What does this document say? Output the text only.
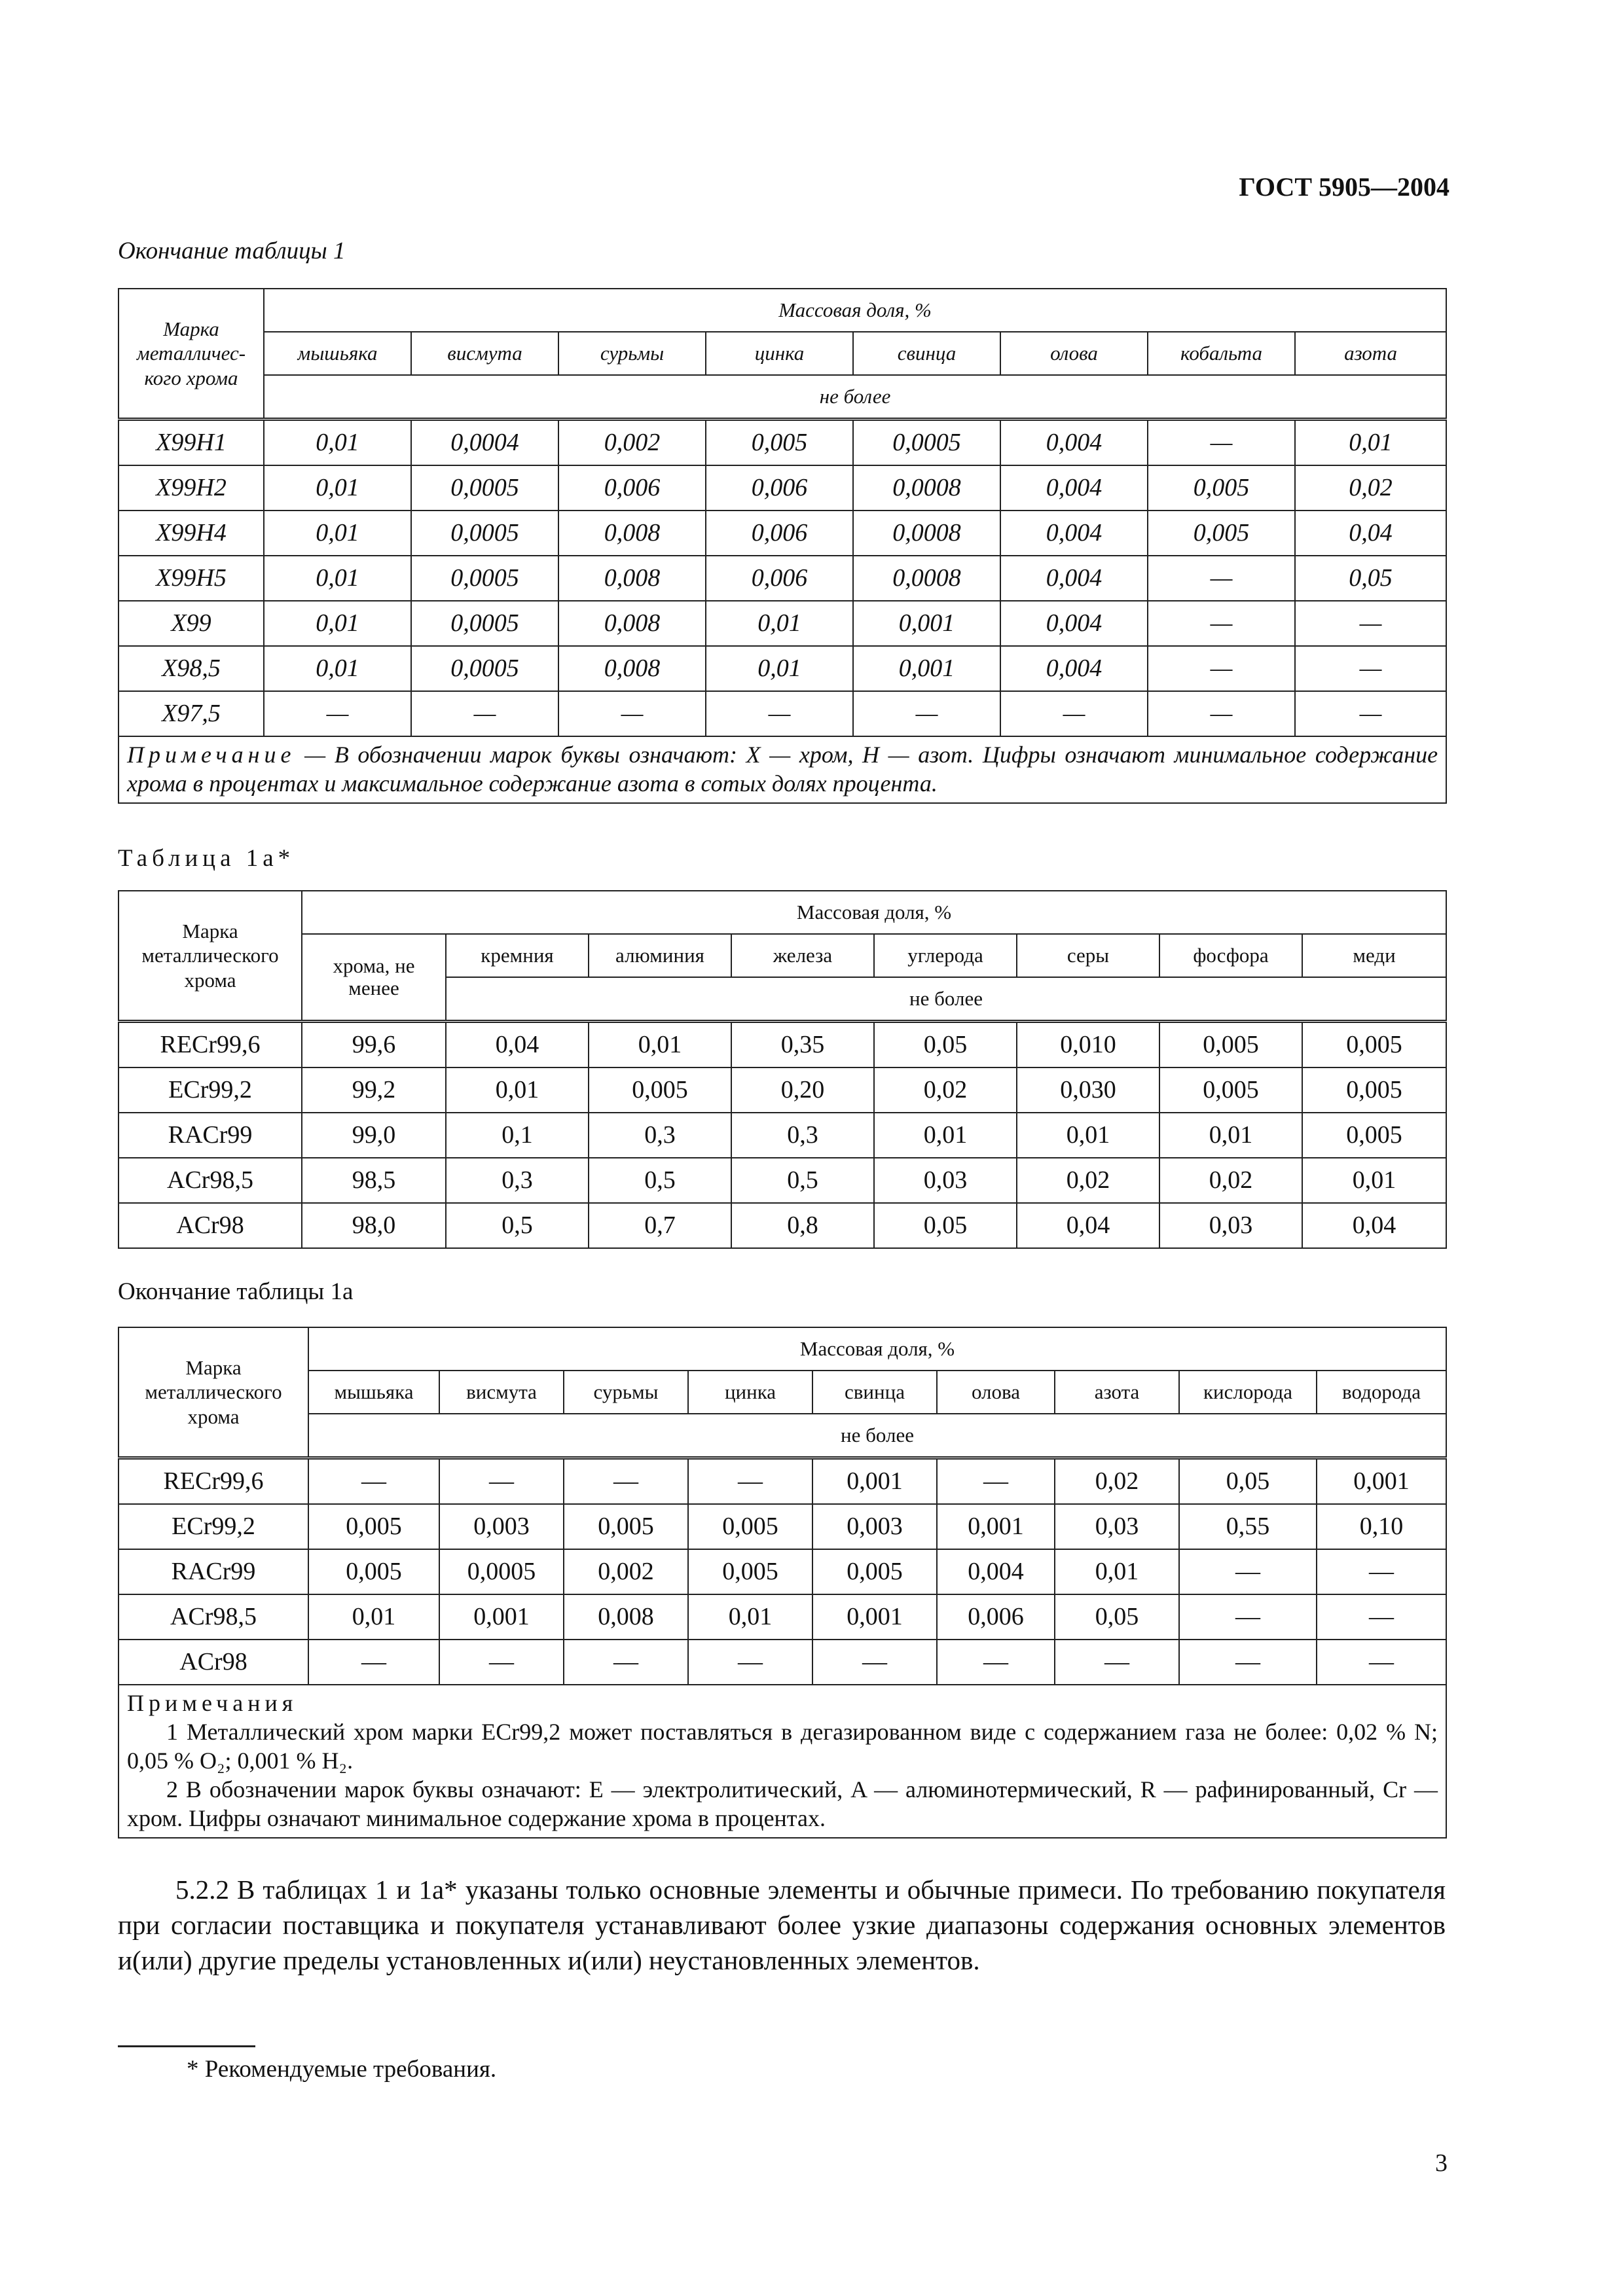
ГОСТ 5905—2004
Окончание таблицы 1
Марка металличес-кого хрома	Массовая доля, %							
	мышьяка	висмута	сурьмы	цинка	свинца	олова	кобальта	азота
	не более							
X99H1	0,01	0,0004	0,002	0,005	0,0005	0,004	—	0,01
X99H2	0,01	0,0005	0,006	0,006	0,0008	0,004	0,005	0,02
X99H4	0,01	0,0005	0,008	0,006	0,0008	0,004	0,005	0,04
X99H5	0,01	0,0005	0,008	0,006	0,0008	0,004	—	0,05
X99	0,01	0,0005	0,008	0,01	0,001	0,004	—	—
X98,5	0,01	0,0005	0,008	0,01	0,001	0,004	—	—
X97,5	—	—	—	—	—	—	—	—
Примечание — В обозначении марок буквы означают: X — хром, H — азот. Цифры означают минимальное содержание хрома в процентах и максимальное содержание азота в сотых долях процента.								
Таблица 1а*
Марка металлического хрома	Массовая доля, %							
	хрома, не менее	кремния	алюминия	железа	углерода	серы	фосфора	меди
		не более						
RECr99,6	99,6	0,04	0,01	0,35	0,05	0,010	0,005	0,005
ECr99,2	99,2	0,01	0,005	0,20	0,02	0,030	0,005	0,005
RACr99	99,0	0,1	0,3	0,3	0,01	0,01	0,01	0,005
ACr98,5	98,5	0,3	0,5	0,5	0,03	0,02	0,02	0,01
ACr98	98,0	0,5	0,7	0,8	0,05	0,04	0,03	0,04
Окончание таблицы 1а
Марка металлического хрома	Массовая доля, %								
	мышьяка	висмута	сурьмы	цинка	свинца	олова	азота	кислорода	водорода
	не более								
RECr99,6	—	—	—	—	0,001	—	0,02	0,05	0,001
ECr99,2	0,005	0,003	0,005	0,005	0,003	0,001	0,03	0,55	0,10
RACr99	0,005	0,0005	0,002	0,005	0,005	0,004	0,01	—	—
ACr98,5	0,01	0,001	0,008	0,01	0,001	0,006	0,05	—	—
ACr98	—	—	—	—	—	—	—	—	—
Примечания
1 Металлический хром марки ECr99,2 может поставляться в дегазированном виде с содержанием газа не более: 0,02 % N; 0,05 % O₂; 0,001 % H₂.
2 В обозначении марок буквы означают: E — электролитический, A — алюминотермический, R — рафинированный, Cr — хром. Цифры означают минимальное содержание хрома в процентах.									
5.2.2 В таблицах 1 и 1а* указаны только основные элементы и обычные примеси. По требованию покупателя при согласии поставщика и покупателя устанавливают более узкие диапазоны содержания основных элементов и(или) другие пределы установленных и(или) неустановленных элементов.
* Рекомендуемые требования.
3
